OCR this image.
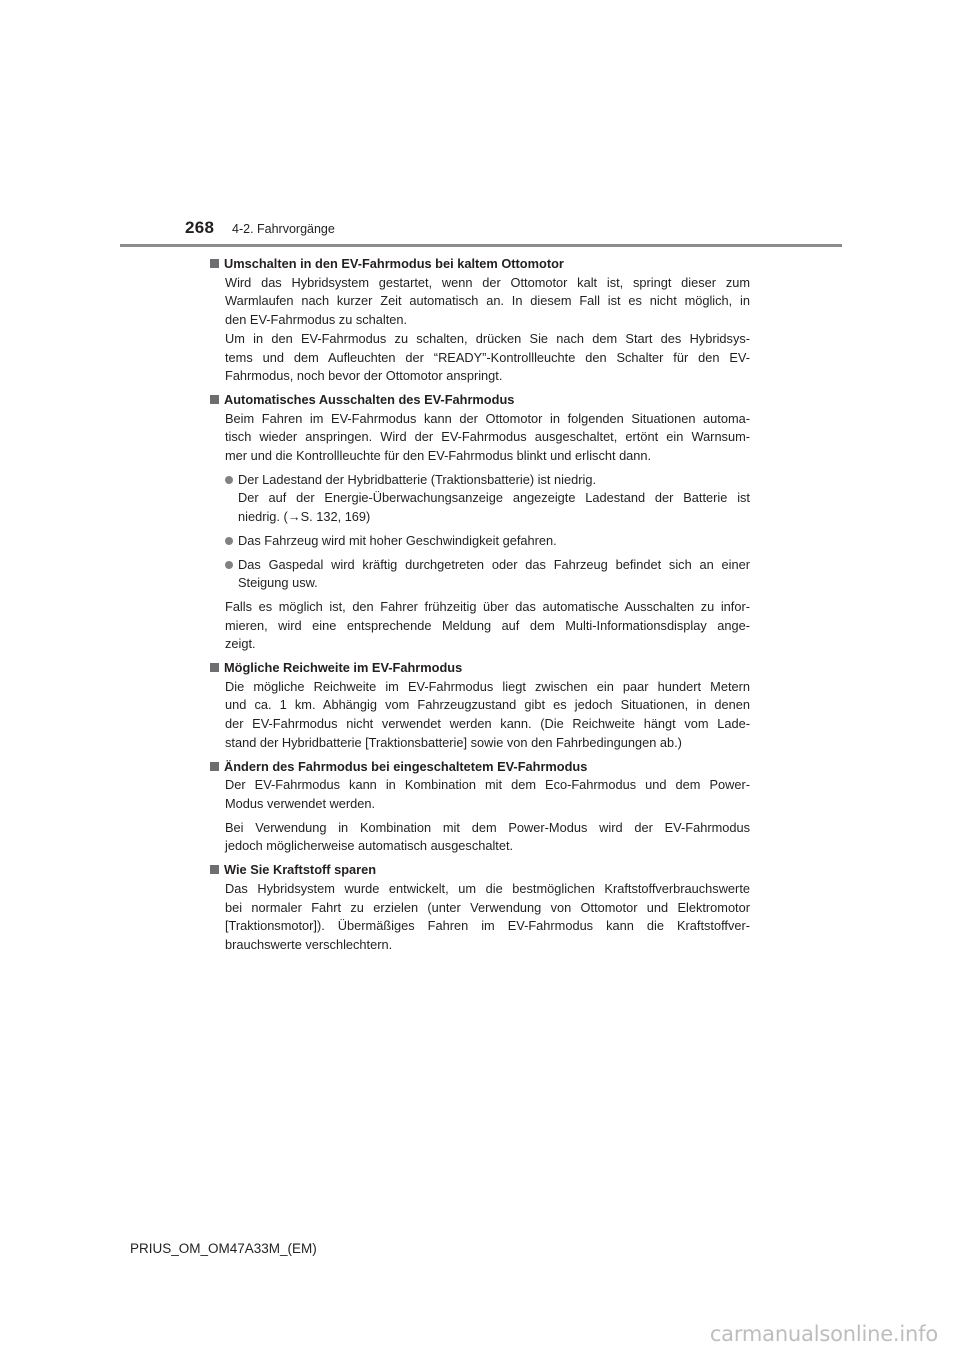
268 4-2. Fahrvorgänge
Umschalten in den EV-Fahrmodus bei kaltem Ottomotor
Wird das Hybridsystem gestartet, wenn der Ottomotor kalt ist, springt dieser zum
Warmlaufen nach kurzer Zeit automatisch an. In diesem Fall ist es nicht möglich, in
den EV-Fahrmodus zu schalten.
Um in den EV-Fahrmodus zu schalten, drücken Sie nach dem Start des Hybridsys-
tems und dem Aufleuchten der “READY”-Kontrollleuchte den Schalter für den EV-
Fahrmodus, noch bevor der Ottomotor anspringt.
Automatisches Ausschalten des EV-Fahrmodus
Beim Fahren im EV-Fahrmodus kann der Ottomotor in folgenden Situationen automa-
tisch wieder anspringen. Wird der EV-Fahrmodus ausgeschaltet, ertönt ein Warnsum-
mer und die Kontrollleuchte für den EV-Fahrmodus blinkt und erlischt dann.
Der Ladestand der Hybridbatterie (Traktionsbatterie) ist niedrig.
Der auf der Energie-Überwachungsanzeige angezeigte Ladestand der Batterie ist
niedrig. (→S. 132, 169)
Das Fahrzeug wird mit hoher Geschwindigkeit gefahren.
Das Gaspedal wird kräftig durchgetreten oder das Fahrzeug befindet sich an einer
Steigung usw.
Falls es möglich ist, den Fahrer frühzeitig über das automatische Ausschalten zu infor-
mieren, wird eine entsprechende Meldung auf dem Multi-Informationsdisplay ange-
zeigt.
Mögliche Reichweite im EV-Fahrmodus
Die mögliche Reichweite im EV-Fahrmodus liegt zwischen ein paar hundert Metern
und ca. 1 km. Abhängig vom Fahrzeugzustand gibt es jedoch Situationen, in denen
der EV-Fahrmodus nicht verwendet werden kann. (Die Reichweite hängt vom Lade-
stand der Hybridbatterie [Traktionsbatterie] sowie von den Fahrbedingungen ab.)
Ändern des Fahrmodus bei eingeschaltetem EV-Fahrmodus
Der EV-Fahrmodus kann in Kombination mit dem Eco-Fahrmodus und dem Power-
Modus verwendet werden.
Bei Verwendung in Kombination mit dem Power-Modus wird der EV-Fahrmodus
jedoch möglicherweise automatisch ausgeschaltet.
Wie Sie Kraftstoff sparen
Das Hybridsystem wurde entwickelt, um die bestmöglichen Kraftstoffverbrauchswerte
bei normaler Fahrt zu erzielen (unter Verwendung von Ottomotor und Elektromotor
[Traktionsmotor]). Übermäßiges Fahren im EV-Fahrmodus kann die Kraftstoffver-
brauchswerte verschlechtern.
PRIUS_OM_OM47A33M_(EM)
carmanualsonline.info
